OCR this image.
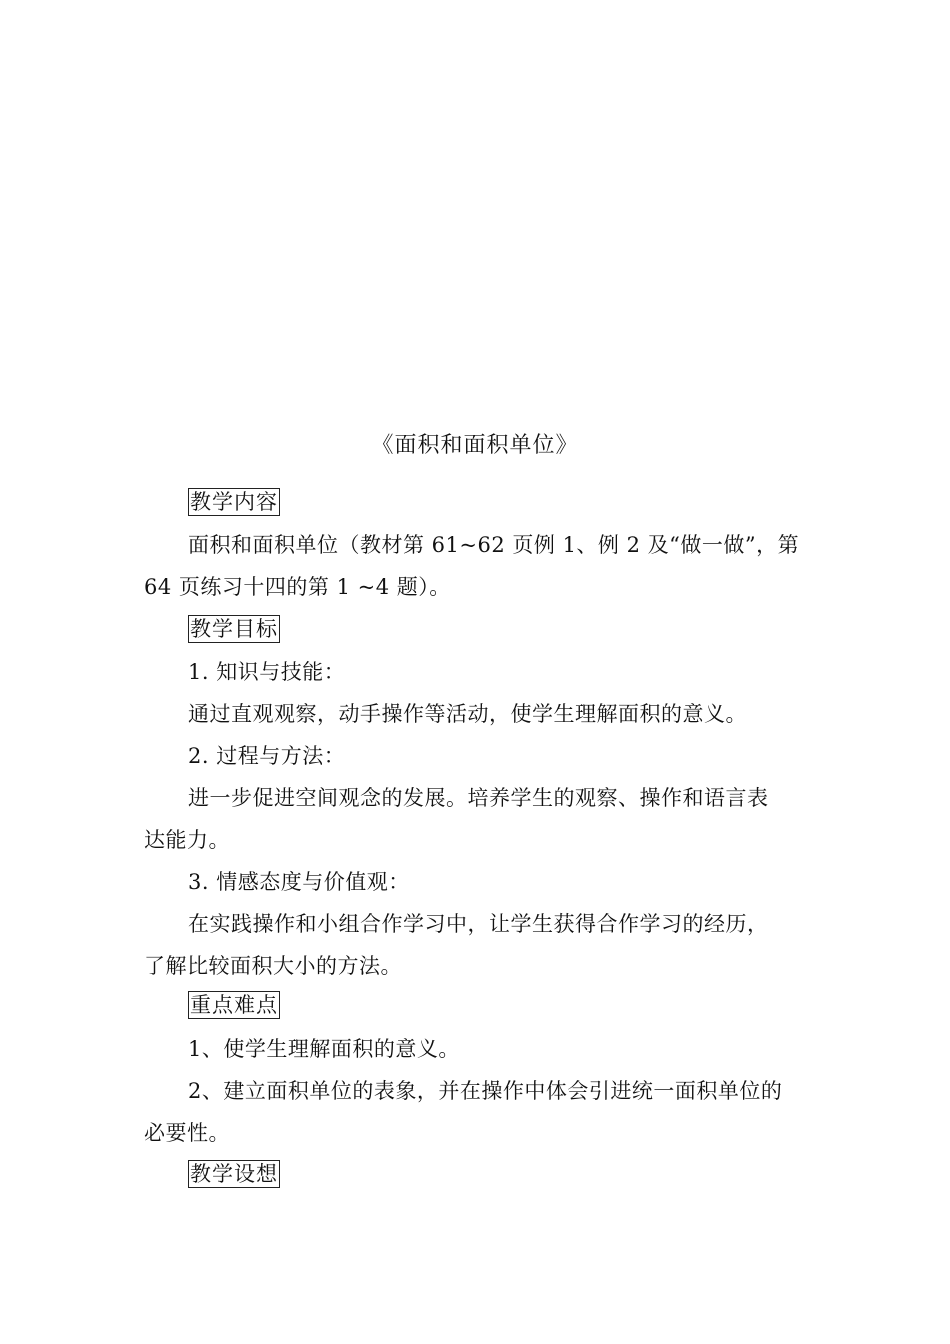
《面积和面积单位》
教学内容
面积和面积单位（教材第 61~62 页例 1、例 2 及“做一做”，第
64 页练习十四的第 1 ~4 题）。
教学目标
1. 知识与技能：
通过直观观察，动手操作等活动，使学生理解面积的意义。
2. 过程与方法：
进一步促进空间观念的发展。培养学生的观察、操作和语言表
达能力。
3. 情感态度与价值观：
在实践操作和小组合作学习中，让学生获得合作学习的经历，
了解比较面积大小的方法。
重点难点
1、使学生理解面积的意义。
2、建立面积单位的表象，并在操作中体会引进统一面积单位的
必要性。
教学设想
